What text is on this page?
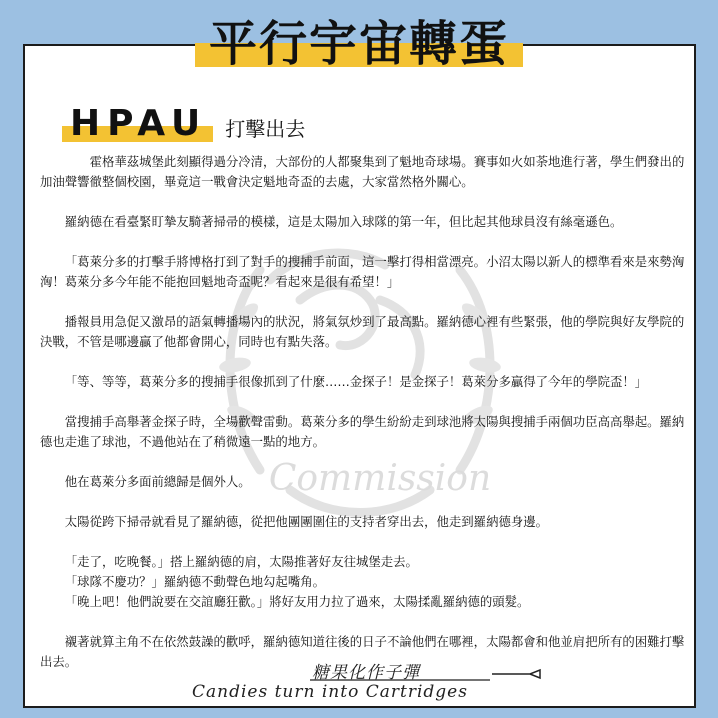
平行宇宙轉蛋
Commission
HPAU 打擊出去

霍格華茲城堡此刻顯得過分冷清，大部份的人都聚集到了魁地奇球場。賽事如火如荼地進行著，學生們發出的加油聲響徹整個校園，畢竟這一戰會決定魁地奇盃的去處，大家當然格外關心。

羅納德在看臺緊盯摯友騎著掃帚的模樣，這是太陽加入球隊的第一年，但比起其他球員沒有絲毫遜色。

「葛萊分多的打擊手將博格打到了對手的搜捕手前面，這一擊打得相當漂亮。小沼太陽以新人的標準看來是來勢洶洶！葛萊分多今年能不能抱回魁地奇盃呢？看起來是很有希望！」

播報員用急促又激昂的語氣轉播場內的狀況，將氣氛炒到了最高點。羅納德心裡有些緊張，他的學院與好友學院的決戰，不管是哪邊贏了他都會開心，同時也有點失落。

「等、等等，葛萊分多的搜捕手很像抓到了什麼……金探子！是金探子！葛萊分多贏得了今年的學院盃！」

當搜捕手高舉著金探子時，全場歡聲雷動。葛萊分多的學生紛紛走到球池將太陽與搜捕手兩個功臣高高舉起。羅納德也走進了球池，不過他站在了稍微遠一點的地方。

他在葛萊分多面前總歸是個外人。

太陽從跨下掃帚就看見了羅納德，從把他團團圍住的支持者穿出去，他走到羅納德身邊。

「走了，吃晚餐。」搭上羅納德的肩，太陽推著好友往城堡走去。

「球隊不慶功？」羅納德不動聲色地勾起嘴角。

「晚上吧！他們說要在交誼廳狂歡。」將好友用力拉了過來，太陽揉亂羅納德的頭髮。

襯著就算主角不在依然鼓譟的歡呼，羅納德知道往後的日子不論他們在哪裡，太陽都會和他並肩把所有的困難打擊出去。

糖果化作子彈
Candies turn into Cartridges
